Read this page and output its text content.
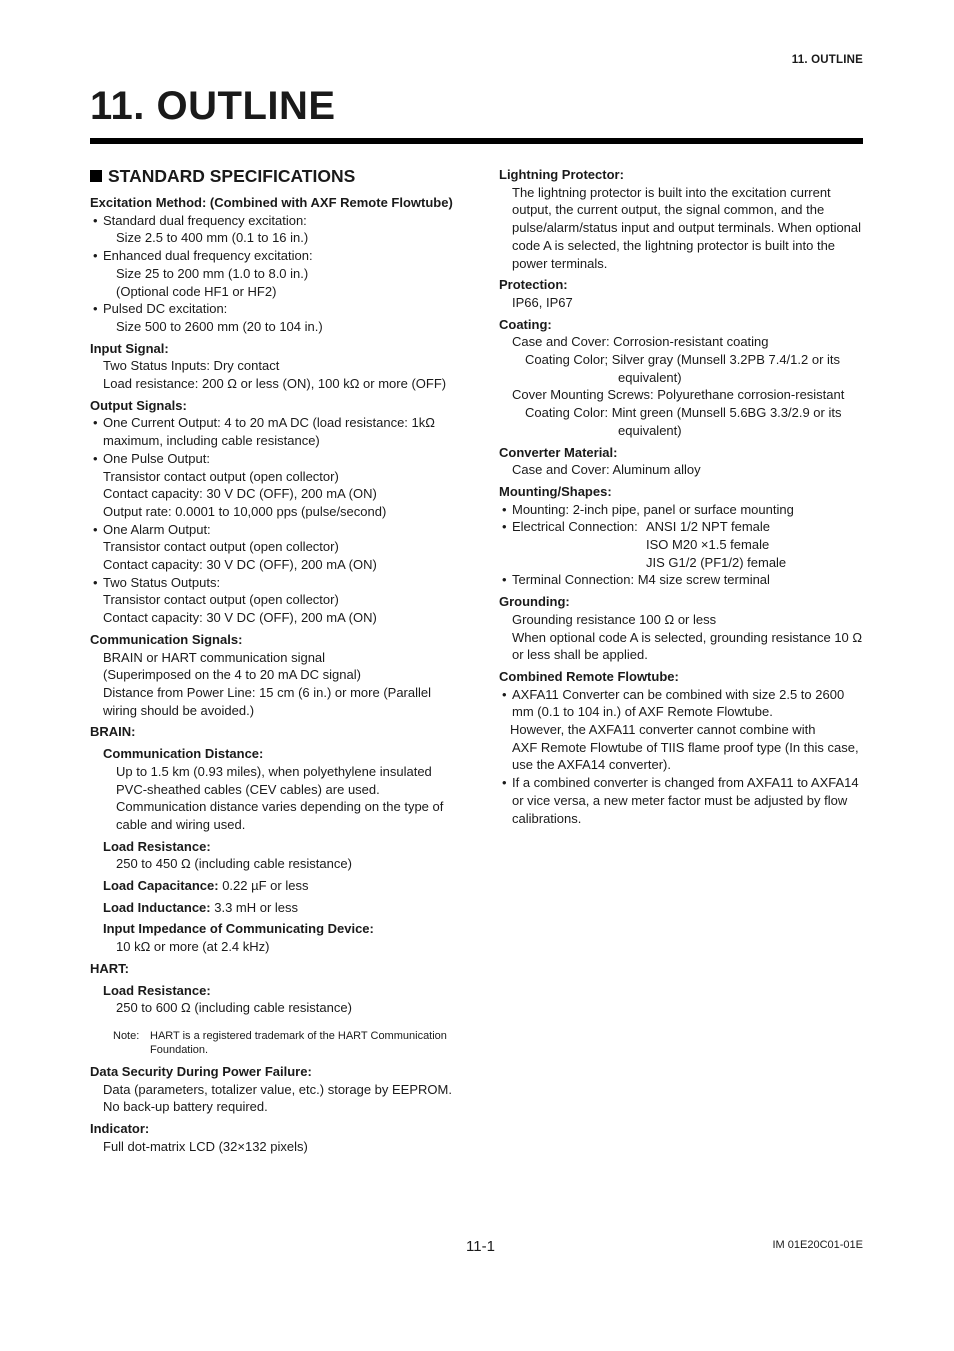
11. OUTLINE
11. OUTLINE
STANDARD SPECIFICATIONS
Excitation Method: (Combined with AXF Remote Flowtube)
• Standard dual frequency excitation:
Size 2.5 to 400 mm (0.1 to 16 in.)
• Enhanced dual frequency excitation:
Size 25 to 200 mm (1.0 to 8.0 in.)
(Optional code HF1 or HF2)
• Pulsed DC excitation:
Size 500 to 2600 mm (20 to 104 in.)
Input Signal:
Two Status Inputs: Dry contact
Load resistance: 200 Ω or less (ON), 100 kΩ or more (OFF)
Output Signals:
• One Current Output: 4 to 20 mA DC (load resistance: 1kΩ maximum, including cable resistance)
• One Pulse Output:
Transistor contact output (open collector)
Contact capacity: 30 V DC (OFF), 200 mA (ON)
Output rate: 0.0001 to 10,000 pps (pulse/second)
• One Alarm Output:
Transistor contact output (open collector)
Contact capacity: 30 V DC (OFF), 200 mA (ON)
• Two Status Outputs:
Transistor contact output (open collector)
Contact capacity: 30 V DC (OFF), 200 mA (ON)
Communication Signals:
BRAIN or HART communication signal
(Superimposed on the 4 to 20 mA DC signal)
Distance from Power Line: 15 cm (6 in.) or more (Parallel wiring should be avoided.)
BRAIN:
Communication Distance:
Up to 1.5 km (0.93 miles), when polyethylene insulated PVC-sheathed cables (CEV cables) are used. Communication distance varies depending on the type of cable and wiring used.
Load Resistance:
250 to 450 Ω (including cable resistance)
Load Capacitance: 0.22 µF or less
Load Inductance: 3.3 mH or less
Input Impedance of Communicating Device:
10 kΩ or more (at 2.4 kHz)
HART:
Load Resistance:
250 to 600 Ω (including cable resistance)
Note: HART is a registered trademark of the HART Communication Foundation.
Data Security During Power Failure:
Data (parameters, totalizer value, etc.) storage by EEPROM. No back-up battery required.
Indicator:
Full dot-matrix LCD (32×132 pixels)
Lightning Protector:
The lightning protector is built into the excitation current output, the current output, the signal common, and the pulse/alarm/status input and output terminals. When optional code A is selected, the lightning protector is built into the power terminals.
Protection:
IP66, IP67
Coating:
Case and Cover: Corrosion-resistant coating
Coating Color; Silver gray (Munsell 3.2PB 7.4/1.2 or its
equivalent)
Cover Mounting Screws: Polyurethane corrosion-resistant
Coating Color: Mint green (Munsell 5.6BG 3.3/2.9 or its
equivalent)
Converter Material:
Case and Cover: Aluminum alloy
Mounting/Shapes:
• Mounting: 2-inch pipe, panel or surface mounting
• Electrical Connection: ANSI 1/2 NPT female
ISO M20 ×1.5 female
JIS G1/2 (PF1/2) female
• Terminal Connection: M4 size screw terminal
Grounding:
Grounding resistance 100 Ω or less
When optional code A is selected, grounding resistance 10 Ω or less shall be applied.
Combined Remote Flowtube:
• AXFA11 Converter can be combined with size 2.5 to 2600 mm (0.1 to 104 in.) of AXF Remote Flowtube.
However, the AXFA11 converter cannot combine with
AXF Remote Flowtube of TIIS flame proof type (In this case, use the AXFA14 converter).
• If a combined converter is changed from AXFA11 to AXFA14 or vice versa, a new meter factor must be adjusted by flow calibrations.
11-1	IM 01E20C01-01E
